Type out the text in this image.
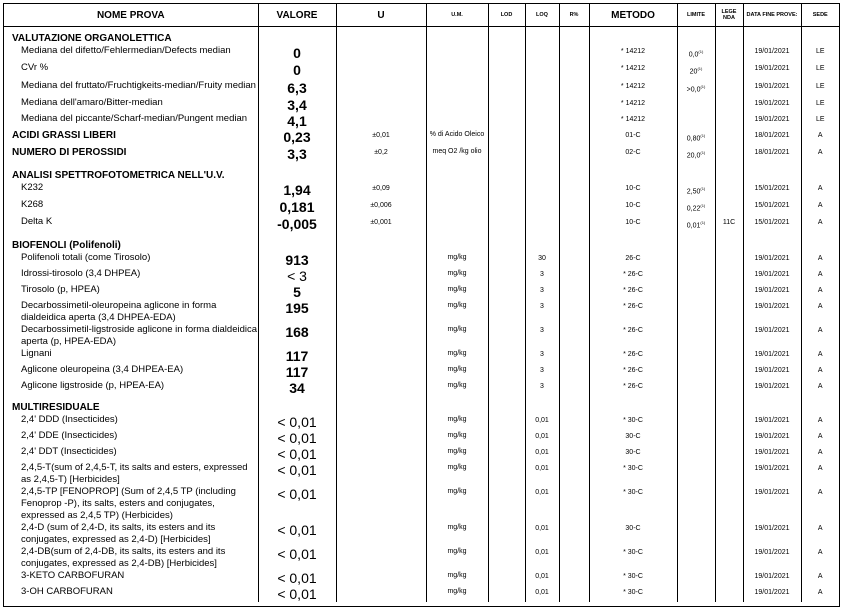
NOME PROVA	VALORE	U	U.M.	LOD	LOQ	R%	METODO	LIMITE	LEGE NDA	DATA FINE PROVE:	SEDE

VALUTAZIONE ORGANOLETTICA											
Mediana del difetto/Fehlermedian/Defects median	0						* 14212	0,0$^{(1)}$		19/01/2021	LE
CVr %	0						* 14212	20$^{(1)}$		19/01/2021	LE
Mediana del fruttato/Fruchtigkeits-median/Fruity median	6,3						* 14212	$>0,0^{(1)}$		19/01/2021	LE
Mediana dell'amaro/Bitter-median	3,4						* 14212			19/01/2021	LE
Mediana del piccante/Scharf-median/Pungent median	4,1						* 14212			19/01/2021	LE
ACIDI GRASSI LIBERI	0,23	±0,01	% di Acido Oleico				01-C	0,80$^{(1)}$		18/01/2021	A
NUMERO DI PEROSSIDI	3,3	±0,2	meq O2 /kg olio				02-C	20,0$^{(1)}$		18/01/2021	A
ANALISI SPETTROFOTOMETRICA NELL'U.V.											
K232	1,94	±0,09					10-C	2,50$^{(1)}$		15/01/2021	A
K268	0,181	±0,006					10-C	0,22$^{(1)}$		15/01/2021	A
Delta K	-0,005	±0,001					10-C	0,01$^{(1)}$	11C	15/01/2021	A
BIOFENOLI (Polifenoli)											
Polifenoli totali (come Tirosolo)	913		mg/kg		30		26-C			19/01/2021	A
Idrossi-tirosolo (3,4 DHPEA)	< 3		mg/kg		3		* 26-C			19/01/2021	A
Tirosolo (p, HPEA)	5		mg/kg		3		* 26-C			19/01/2021	A
Decarbossimetil-oleuropeina aglicone in forma dialdeidica aperta (3,4 DHPEA-EDA)	195		mg/kg		3		* 26-C			19/01/2021	A
Decarbossimetil-ligstroside aglicone in forma dialdeidica aperta (p, HPEA-EDA)	168		mg/kg		3		* 26-C			19/01/2021	A
Lignani	117		mg/kg		3		* 26-C			19/01/2021	A
Aglicone oleuropeina (3,4 DHPEA-EA)	117		mg/kg		3		* 26-C			19/01/2021	A
Aglicone ligstroside (p, HPEA-EA)	34		mg/kg		3		* 26-C			19/01/2021	A
MULTIRESIDUALE											
2,4' DDD (Insecticides)	< 0,01		mg/kg		0,01		* 30-C			19/01/2021	A
2,4' DDE (Insecticides)	< 0,01		mg/kg		0,01		30-C			19/01/2021	A
2,4' DDT (Insecticides)	< 0,01		mg/kg		0,01		30-C			19/01/2021	A
2,4,5-T(sum of 2,4,5-T, its salts and esters, expressed as 2,4,5-T) [Herbicides]	< 0,01		mg/kg		0,01		* 30-C			19/01/2021	A
2,4,5-TP [FENOPROP] (Sum of 2,4,5 TP (including Fenoprop -P), its salts, esters and conjugates, expressed as 2,4,5 TP) (Herbicides)	< 0,01		mg/kg		0,01		* 30-C			19/01/2021	A
2,4-D (sum of 2,4-D, its salts, its esters and its conjugates, expressed as 2,4-D) [Herbicides]	< 0,01		mg/kg		0,01		30-C			19/01/2021	A
2,4-DB(sum of 2,4-DB, its salts, its esters and its conjugates, expressed as 2,4-DB) [Herbicides]	< 0,01		mg/kg		0,01		* 30-C			19/01/2021	A
3-KETO CARBOFURAN	< 0,01		mg/kg		0,01		* 30-C			19/01/2021	A
3-OH CARBOFURAN	< 0,01		mg/kg		0,01		* 30-C			19/01/2021	A
